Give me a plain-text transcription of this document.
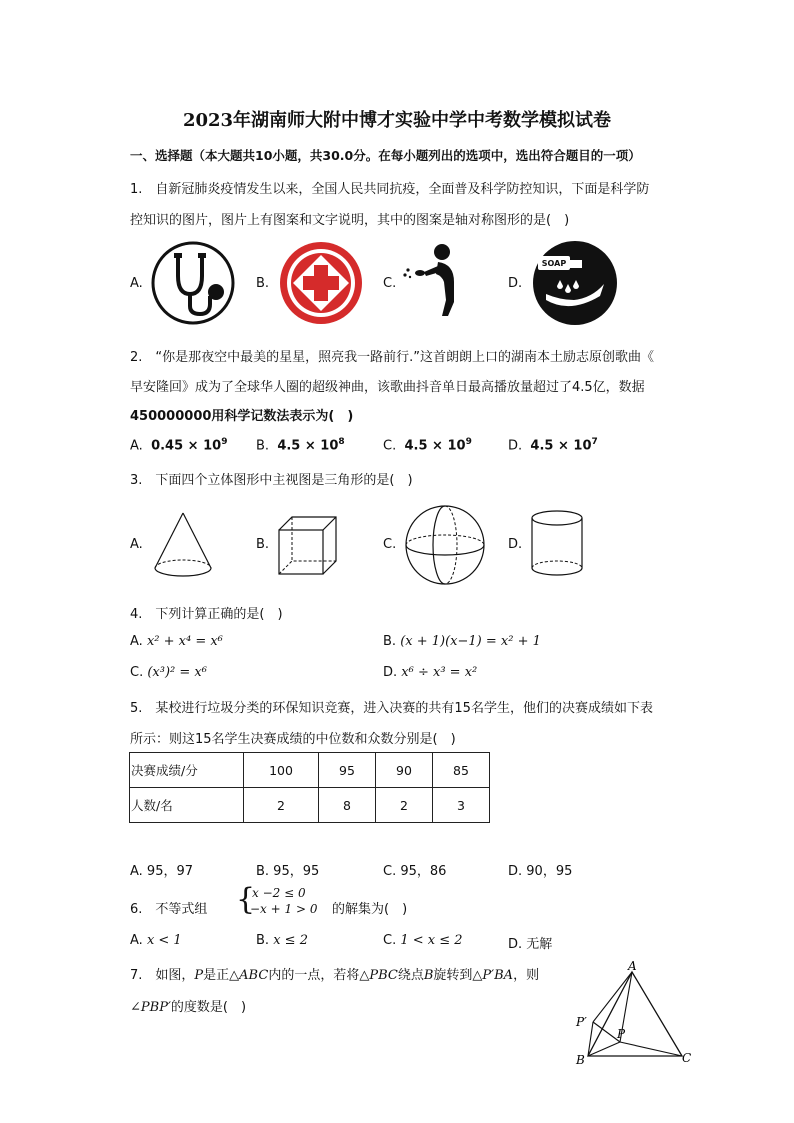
2023年湖南师大附中博才实验中学中考数学模拟试卷
一、选择题（本大题共10小题，共30.0分。在每小题列出的选项中，选出符合题目的一项）
1.　自新冠肺炎疫情发生以来，全国人民共同抗疫，全面普及科学防控知识，下面是科学防
控知识的图片，图片上有图案和文字说明，其中的图案是轴对称图形的是(　)
A.	B.	C.	D.
SOAP
2.　“你是那夜空中最美的星星，照亮我一路前行.”这首朗朗上口的湖南本土励志原创歌曲《
早安隆回》成为了全球华人圈的超级神曲，该歌曲抖音单日最高播放量超过了4.5亿，数据
450000000用科学记数法表示为(　)
A. $0.45 \times 10^9$ B. $4.5 \times 10^8$	C. $4.5 \times 10^9$	D. $4.5 \times 10^7$
3.　下面四个立体图形中主视图是三角形的是(　)
A.	B.	C.	D.
4.　下列计算正确的是(　)
A. x² + x⁴ = x⁶	B. (x + 1)(x−1) = x² + 1
C. (x³)² = x⁶	D. x⁶ ÷ x³ = x²
5.　某校进行垃圾分类的环保知识竞赛，进入决赛的共有15名学生，他们的决赛成绩如下表
所示：则这15名学生决赛成绩的中位数和众数分别是(　)
决赛成绩/分	100	95	90	85
人数/名	2	8	2	3
A. 95，97	B. 95，95	C. 95，86	D. 90，95
6.　不等式组 {
x −2 ≤ 0
−x + 1 > 0 的解集为(　)
A. x < 1	B. x ≤ 2	C. 1 < x ≤ 2	D. 无解
7.　如图，P是正△ABC内的一点，若将△PBC绕点B旋转到△P′BA，则
∠PBP′的度数是(　)
A
B	C
P
P′
